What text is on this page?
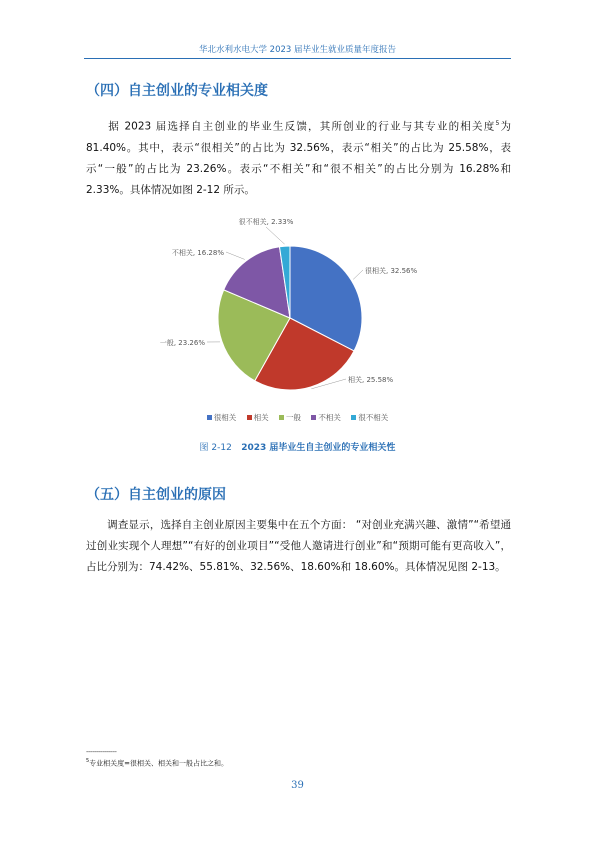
华北水利水电大学 2023 届毕业生就业质量年度报告
（四）自主创业的专业相关度
据 2023 届选择自主创业的毕业生反馈，其所创业的行业与其专业的相关度$^5$为 81.40%。其中，表示“很相关”的占比为 32.56%，表示“相关”的占比为 25.58%，表示“一般”的占比为 23.26%。表示“不相关”和“很不相关”的占比分别为 16.28%和 2.33%。具体情况如图 2-12 所示。
很相关, 32.56%
相关, 25.58%
一般, 23.26%
不相关, 16.28%
很不相关, 2.33%
很相关
相关
一般
不相关
很不相关
图 2-12 2023 届毕业生自主创业的专业相关性
（五）自主创业的原因
调查显示，选择自主创业原因主要集中在五个方面： “对创业充满兴趣、激情”“希望通过创业实现个人理想”“有好的创业项目”“受他人邀请进行创业”和“预期可能有更高收入”，占比分别为：74.42%、55.81%、32.56%、18.60%和 18.60%。具体情况见图 2-13。
---------------
$^5$专业相关度=很相关、相关和一般占比之和。
39
